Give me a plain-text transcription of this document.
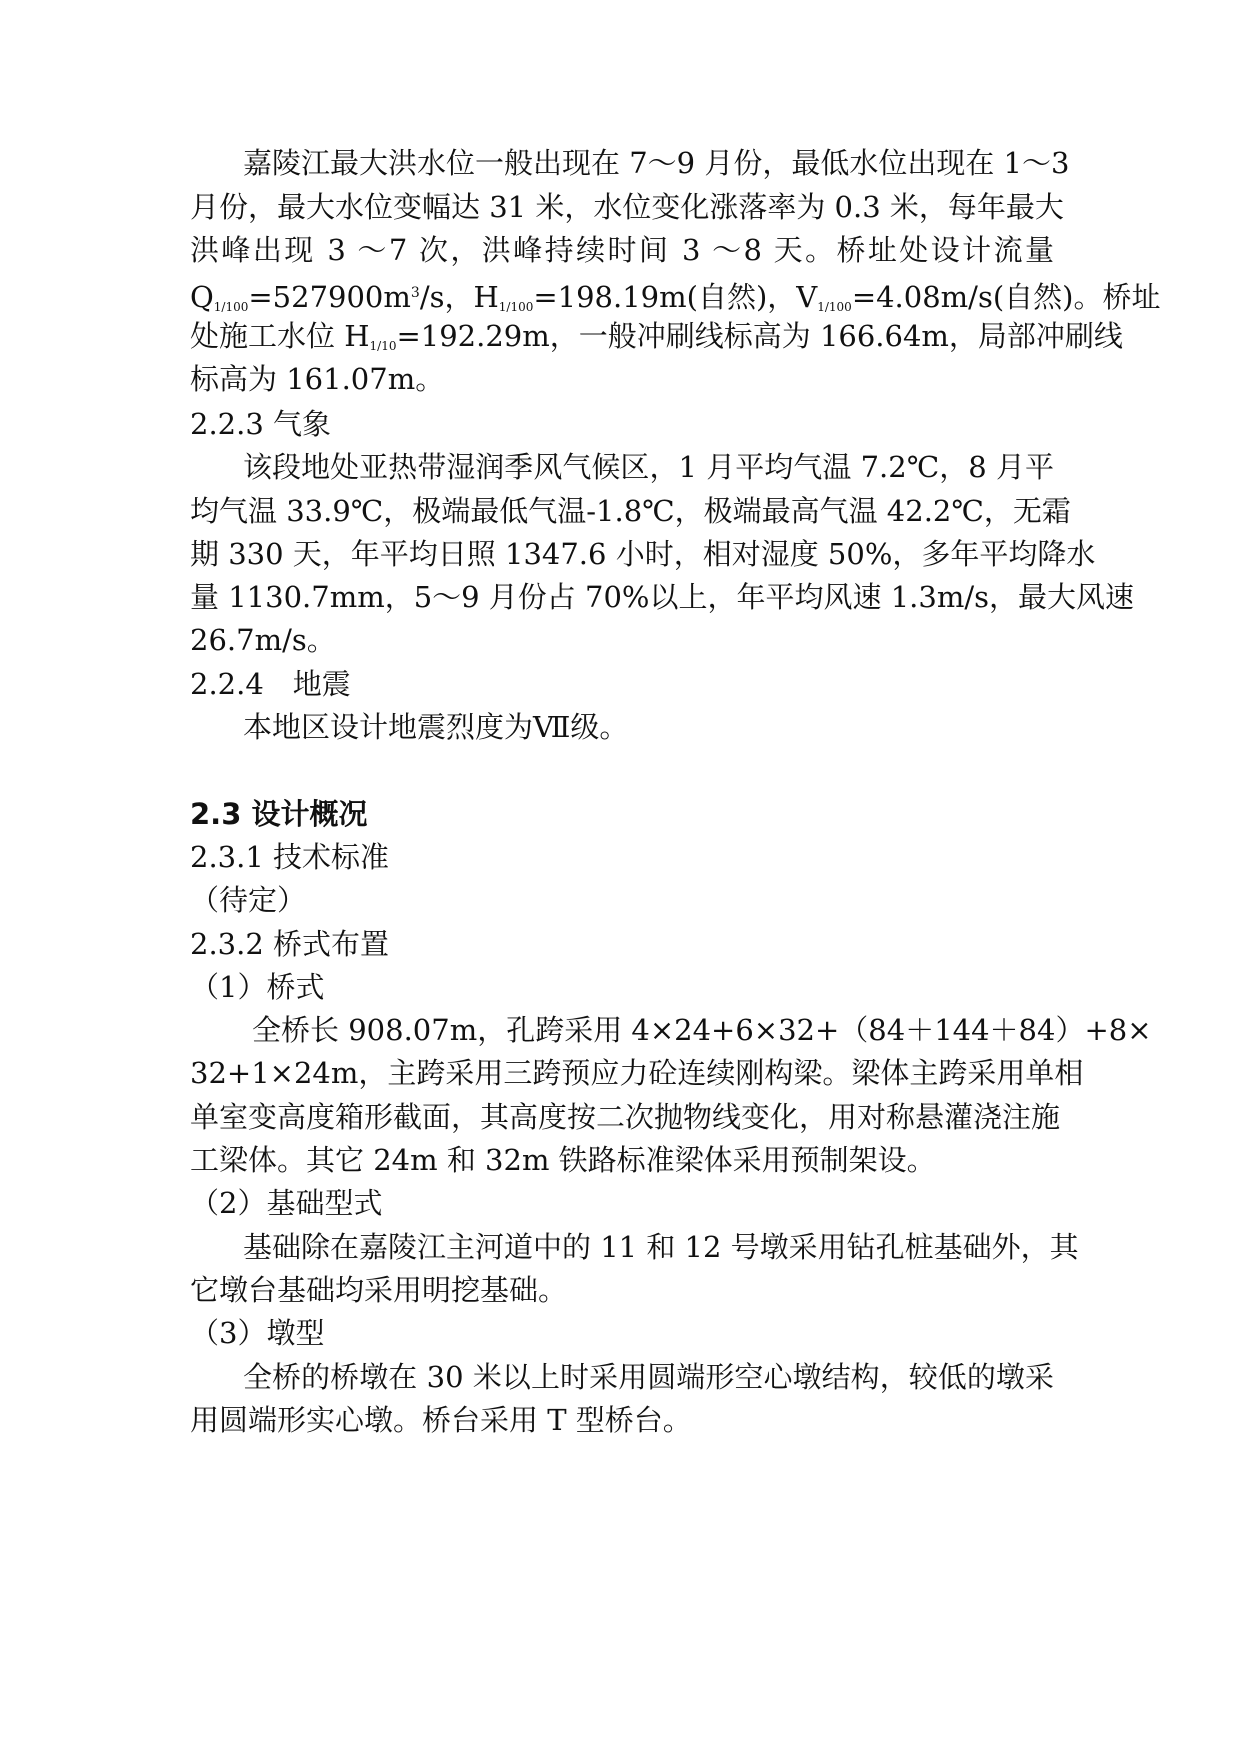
嘉陵江最大洪水位一般出现在 7～9 月份，最低水位出现在 1～3
月份，最大水位变幅达 31 米，水位变化涨落率为 0.3 米，每年最大
洪峰出现 3 ～7 次，洪峰持续时间 3 ～8 天。桥址处设计流量
$Q_{1/100}=527900m^3/s$，$H_{1/100}=198.19m$(自然)，$V_{1/100}=4.08m/s$(自然)。桥址
处施工水位 $H_{1/10}=192.29m$，一般冲刷线标高为 166.64m，局部冲刷线
标高为 161.07m。
2.2.3 气象
该段地处亚热带湿润季风气候区，1 月平均气温 7.2℃，8 月平
均气温 33.9℃，极端最低气温-1.8℃，极端最高气温 42.2℃，无霜
期 330 天，年平均日照 1347.6 小时，相对湿度 50%，多年平均降水
量 1130.7mm，5～9 月份占 70%以上，年平均风速 1.3m/s，最大风速
26.7m/s。
2.2.4　地震
本地区设计地震烈度为Ⅶ级。
2.3 设计概况
2.3.1 技术标准
（待定）
2.3.2 桥式布置
（1）桥式
全桥长 908.07m，孔跨采用 4×24+6×32+（84＋144＋84）+8×
32+1×24m，主跨采用三跨预应力砼连续刚构梁。梁体主跨采用单相
单室变高度箱形截面，其高度按二次抛物线变化，用对称悬灌浇注施
工梁体。其它 24m 和 32m 铁路标准梁体采用预制架设。
（2）基础型式
基础除在嘉陵江主河道中的 11 和 12 号墩采用钻孔桩基础外，其
它墩台基础均采用明挖基础。
（3）墩型
全桥的桥墩在 30 米以上时采用圆端形空心墩结构，较低的墩采
用圆端形实心墩。桥台采用 T 型桥台。
